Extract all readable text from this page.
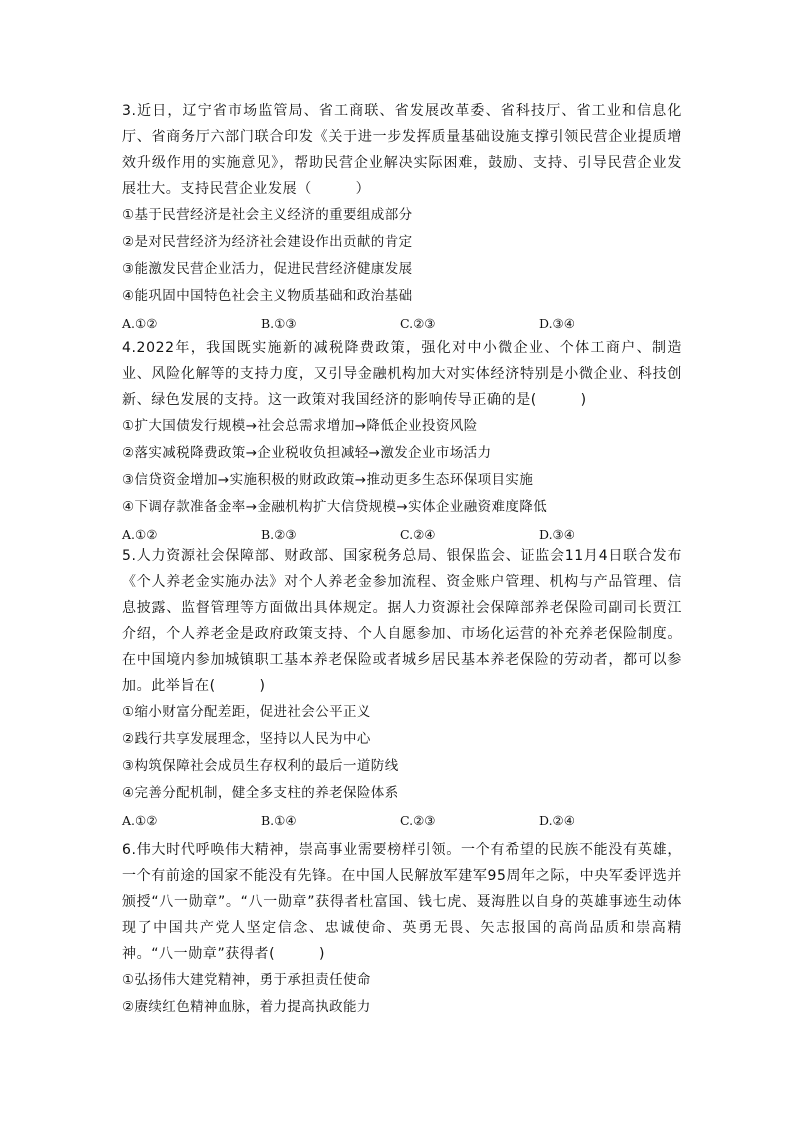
3.近日，辽宁省市场监管局、省工商联、省发展改革委、省科技厅、省工业和信息化厅、省商务厅六部门联合印发《关于进一步发挥质量基础设施支撑引领民营企业提质增效升级作用的实施意见》，帮助民营企业解决实际困难，鼓励、支持、引导民营企业发展壮大。支持民营企业发展（　　　）

①基于民营经济是社会主义经济的重要组成部分

②是对民营经济为经济社会建设作出贡献的肯定

③能激发民营企业活力，促进民营经济健康发展

④能巩固中国特色社会主义物质基础和政治基础

A.①②	B.①③	C.②③	D.③④

4.2022年，我国既实施新的减税降费政策，强化对中小微企业、个体工商户、制造业、风险化解等的支持力度，又引导金融机构加大对实体经济特别是小微企业、科技创新、绿色发展的支持。这一政策对我国经济的影响传导正确的是(　　　)

①扩大国债发行规模→社会总需求增加→降低企业投资风险

②落实减税降费政策→企业税收负担减轻→激发企业市场活力

③信贷资金增加→实施积极的财政政策→推动更多生态环保项目实施

④下调存款准备金率→金融机构扩大信贷规模→实体企业融资难度降低

A.①②	B.②③	C.②④	D.③④

5.人力资源社会保障部、财政部、国家税务总局、银保监会、证监会11月4日联合发布《个人养老金实施办法》对个人养老金参加流程、资金账户管理、机构与产品管理、信息披露、监督管理等方面做出具体规定。据人力资源社会保障部养老保险司副司长贾江介绍，个人养老金是政府政策支持、个人自愿参加、市场化运营的补充养老保险制度。在中国境内参加城镇职工基本养老保险或者城乡居民基本养老保险的劳动者，都可以参加。此举旨在(　　　)

①缩小财富分配差距，促进社会公平正义

②践行共享发展理念，坚持以人民为中心

③构筑保障社会成员生存权利的最后一道防线

④完善分配机制，健全多支柱的养老保险体系

A.①②	B.①④	C.②③	D.②④

6.伟大时代呼唤伟大精神，崇高事业需要榜样引领。一个有希望的民族不能没有英雄，一个有前途的国家不能没有先锋。在中国人民解放军建军95周年之际，中央军委评选并颁授“八一勋章”。“八一勋章”获得者杜富国、钱七虎、聂海胜以自身的英雄事迹生动体现了中国共产党人坚定信念、忠诚使命、英勇无畏、矢志报国的高尚品质和崇高精神。“八一勋章”获得者(　　　)

①弘扬伟大建党精神，勇于承担责任使命

②赓续红色精神血脉，着力提高执政能力
